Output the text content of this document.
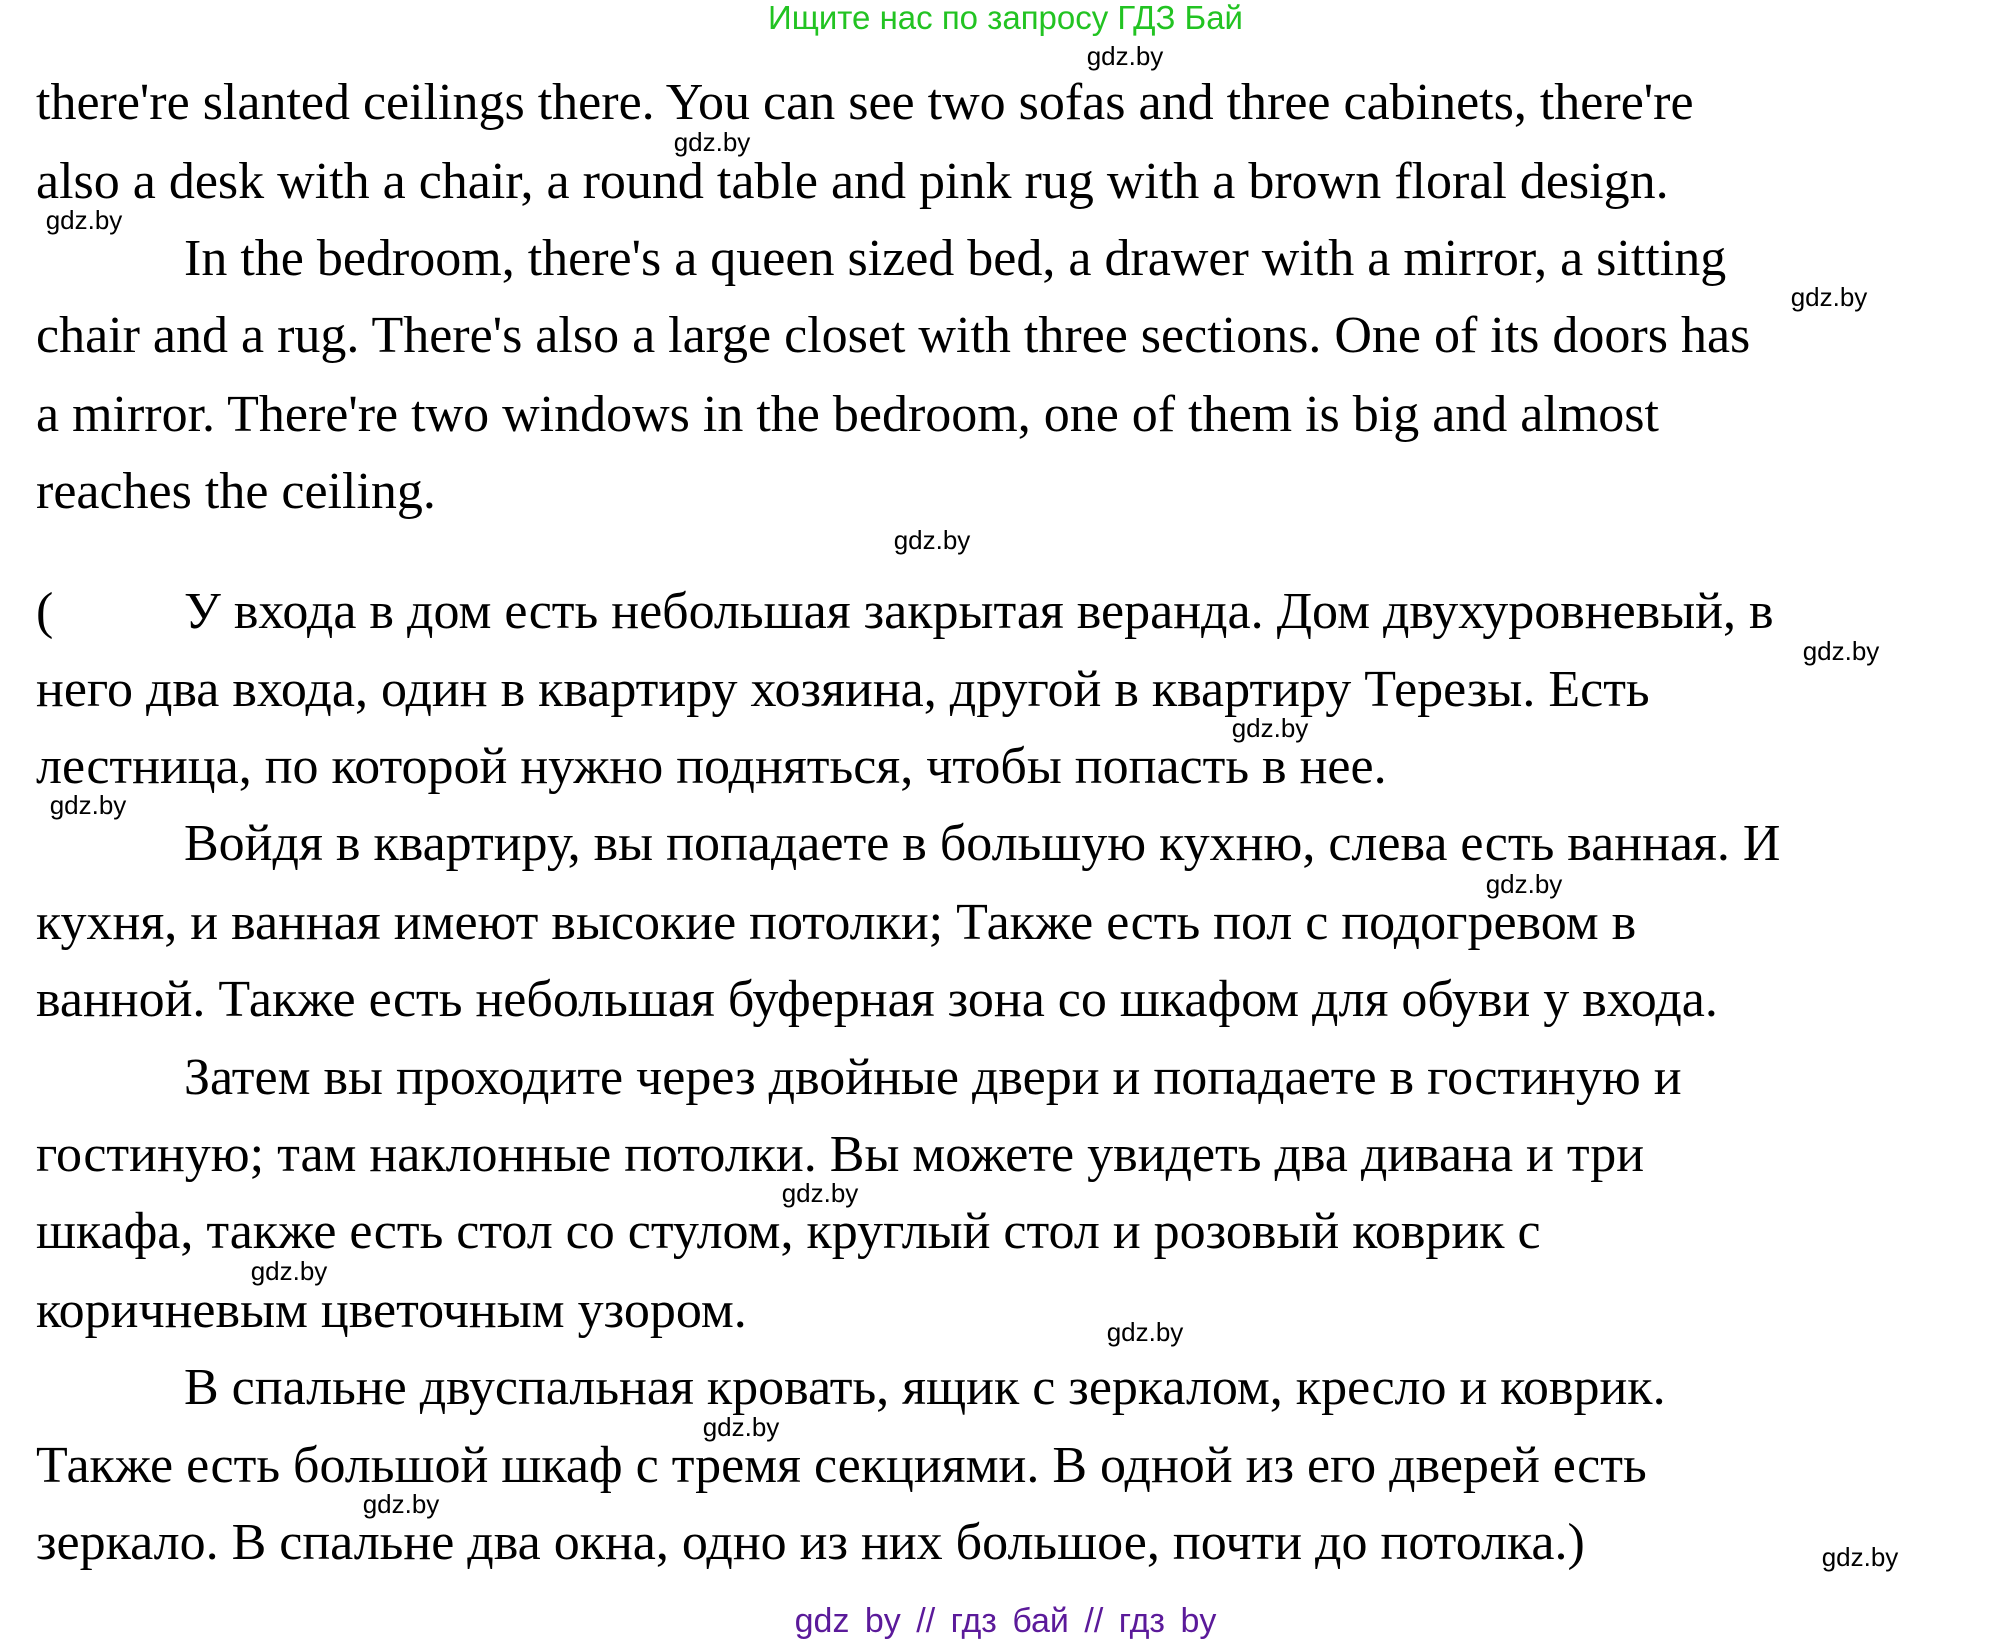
Ищите нас по запросу ГДЗ Бай
there're slanted ceilings there. You can see two sofas and three cabinets, there're
also a desk with a chair, a round table and pink rug with a brown floral design.
In the bedroom, there's a queen sized bed, a drawer with a mirror, a sitting
chair and a rug. There's also a large closet with three sections. One of its doors has
a mirror. There're two windows in the bedroom, one of them is big and almost
reaches the ceiling.
(	У входа в дом есть небольшая закрытая веранда. Дом двухуровневый, в
него два входа, один в квартиру хозяина, другой в квартиру Терезы. Есть
лестница, по которой нужно подняться, чтобы попасть в нее.
Войдя в квартиру, вы попадаете в большую кухню, слева есть ванная. И
кухня, и ванная имеют высокие потолки; Также есть пол с подогревом в
ванной. Также есть небольшая буферная зона со шкафом для обуви у входа.
Затем вы проходите через двойные двери и попадаете в гостиную и
гостиную; там наклонные потолки. Вы можете увидеть два дивана и три
шкафа, также есть стол со стулом, круглый стол и розовый коврик с
коричневым цветочным узором.
В спальне двуспальная кровать, ящик с зеркалом, кресло и коврик.
Также есть большой шкаф с тремя секциями. В одной из его дверей есть
зеркало. В спальне два окна, одно из них большое, почти до потолка.)
gdz.by
gdz.by
gdz.by
gdz.by
gdz.by
gdz.by
gdz.by
gdz.by
gdz.by
gdz.by
gdz.by
gdz.by
gdz.by
gdz.by
gdz.by
gdz by // гдз бай // гдз by
